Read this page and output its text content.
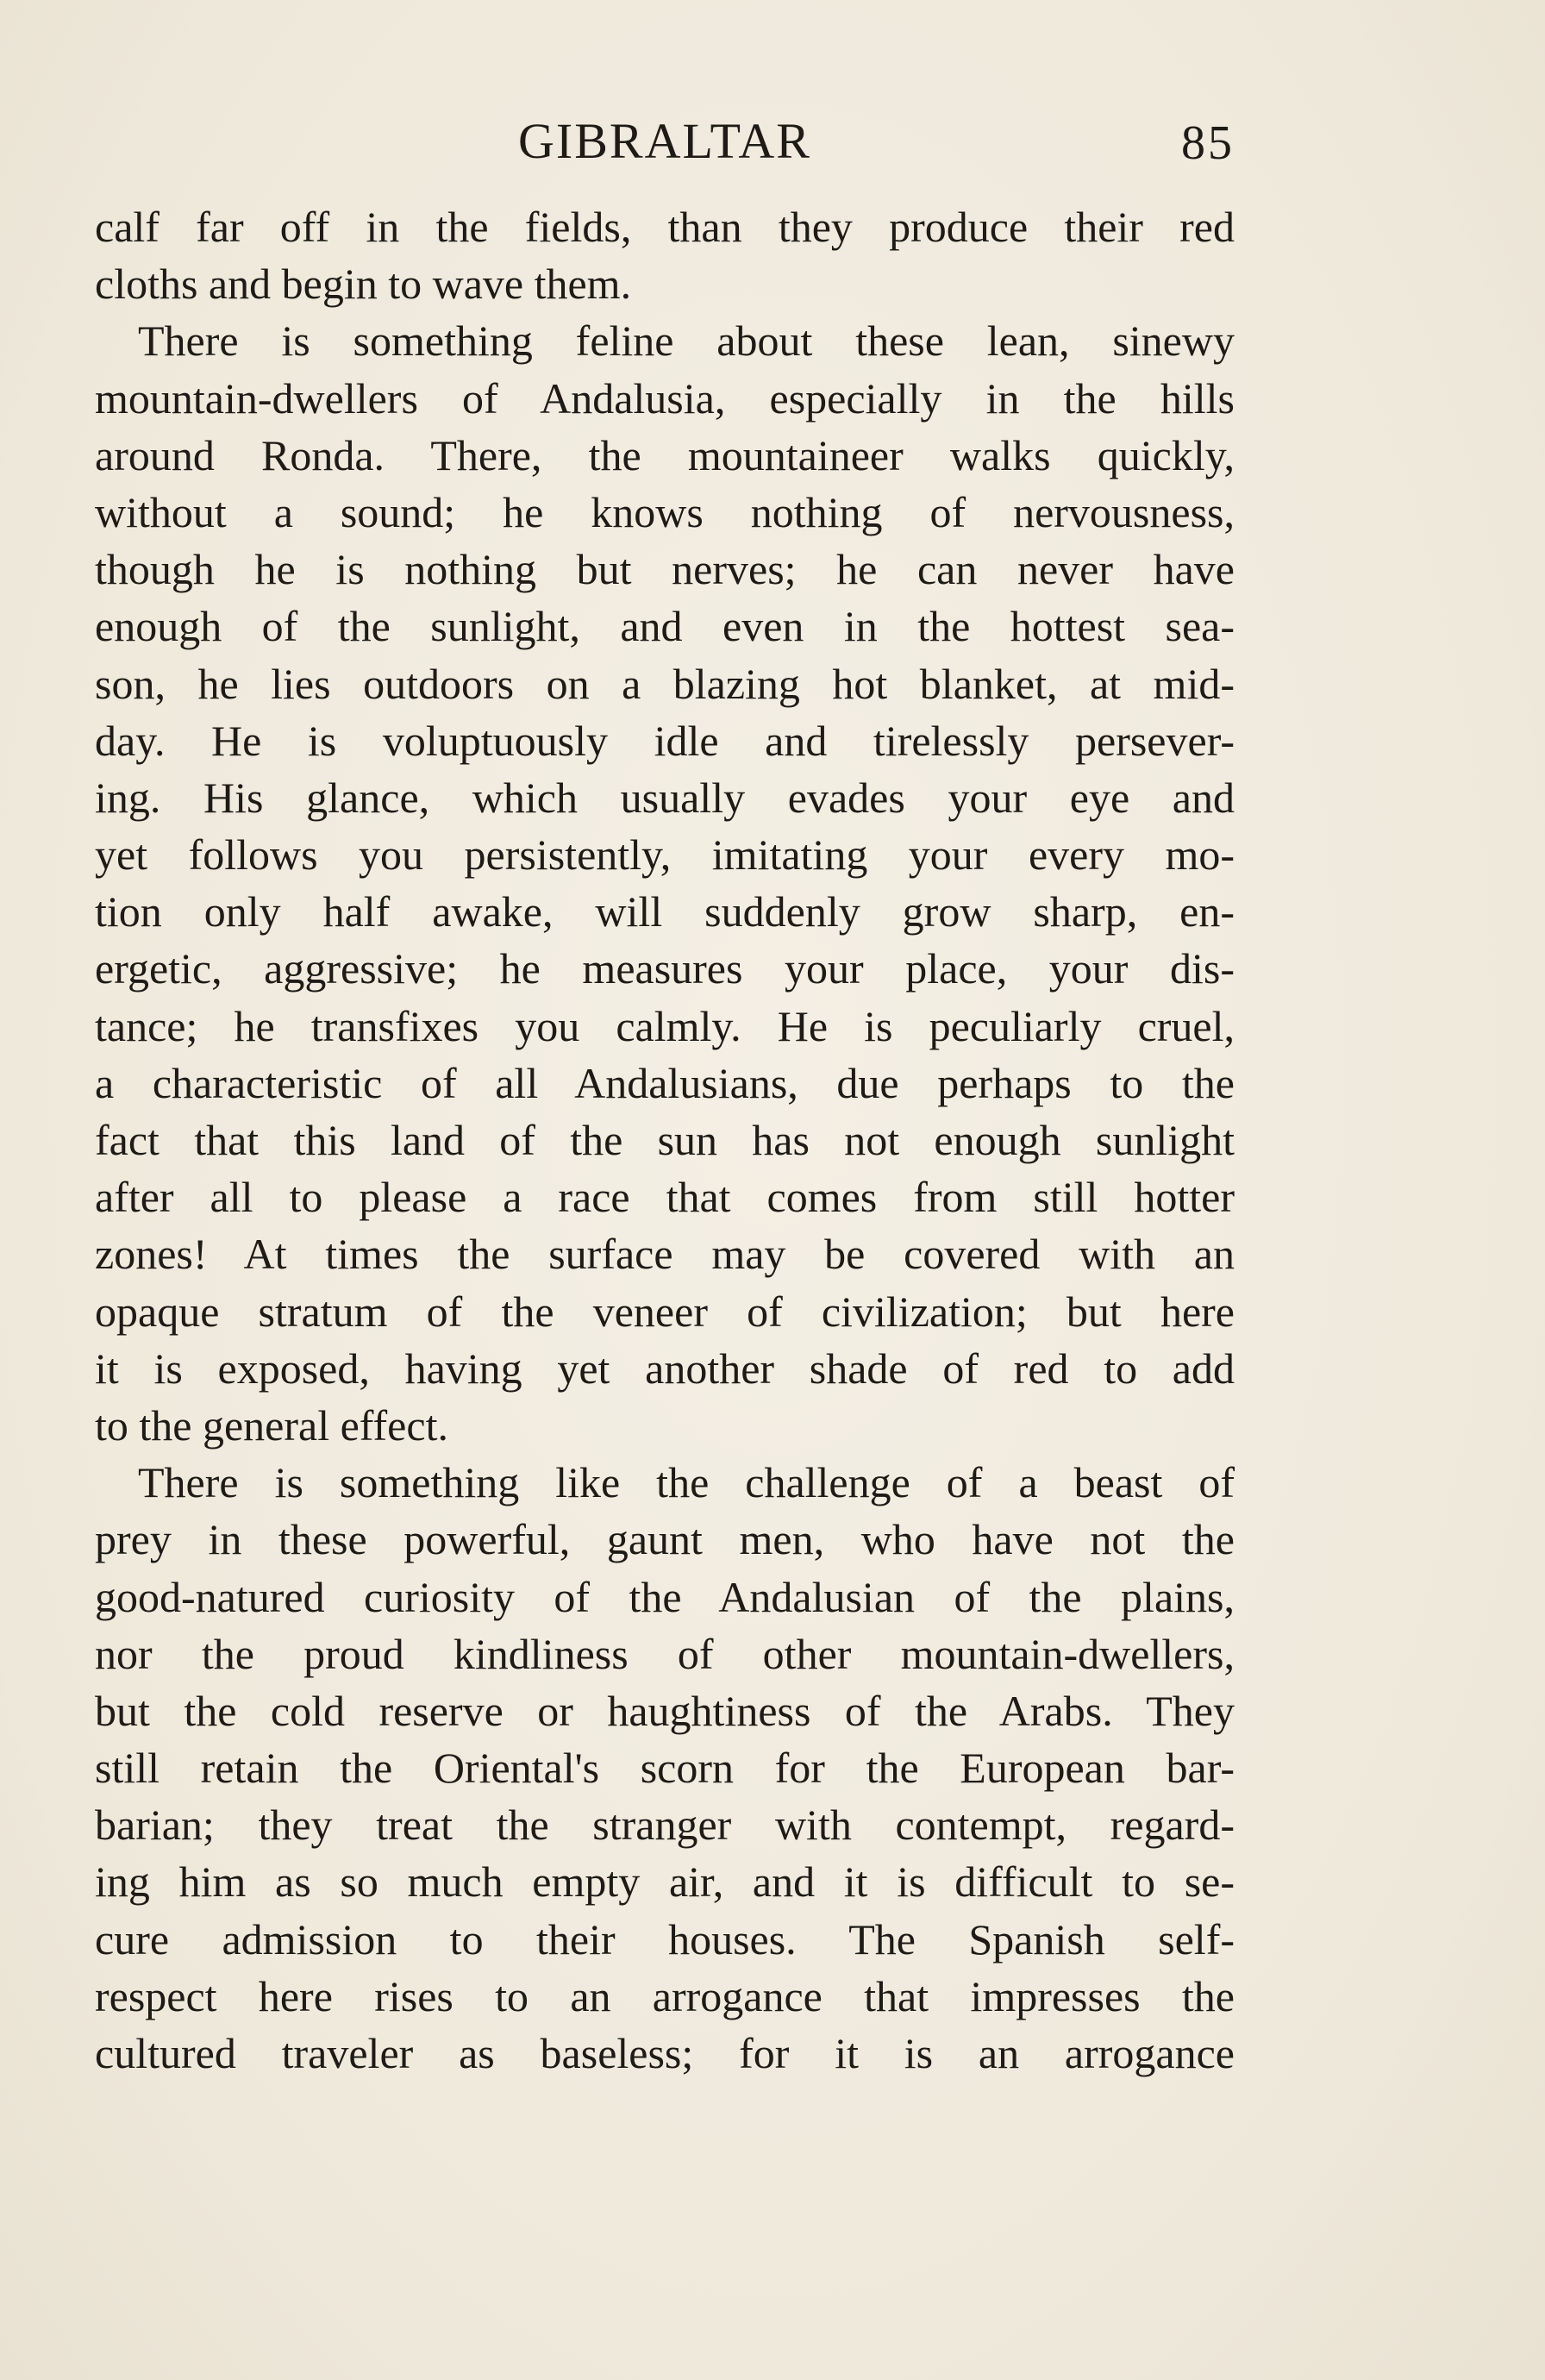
GIBRALTAR	85
calf far off in the fields, than they produce their red
cloths and begin to wave them.
There is something feline about these lean, sinewy
mountain-dwellers of Andalusia, especially in the hills
around Ronda. There, the mountaineer walks quickly,
without a sound; he knows nothing of nervousness,
though he is nothing but nerves; he can never have
enough of the sunlight, and even in the hottest sea-
son, he lies outdoors on a blazing hot blanket, at mid-
day. He is voluptuously idle and tirelessly persever-
ing. His glance, which usually evades your eye and
yet follows you persistently, imitating your every mo-
tion only half awake, will suddenly grow sharp, en-
ergetic, aggressive; he measures your place, your dis-
tance; he transfixes you calmly. He is peculiarly cruel,
a characteristic of all Andalusians, due perhaps to the
fact that this land of the sun has not enough sunlight
after all to please a race that comes from still hotter
zones! At times the surface may be covered with an
opaque stratum of the veneer of civilization; but here
it is exposed, having yet another shade of red to add
to the general effect.
There is something like the challenge of a beast of
prey in these powerful, gaunt men, who have not the
good-natured curiosity of the Andalusian of the plains,
nor the proud kindliness of other mountain-dwellers,
but the cold reserve or haughtiness of the Arabs. They
still retain the Oriental's scorn for the European bar-
barian; they treat the stranger with contempt, regard-
ing him as so much empty air, and it is difficult to se-
cure admission to their houses. The Spanish self-
respect here rises to an arrogance that impresses the
cultured traveler as baseless; for it is an arrogance
